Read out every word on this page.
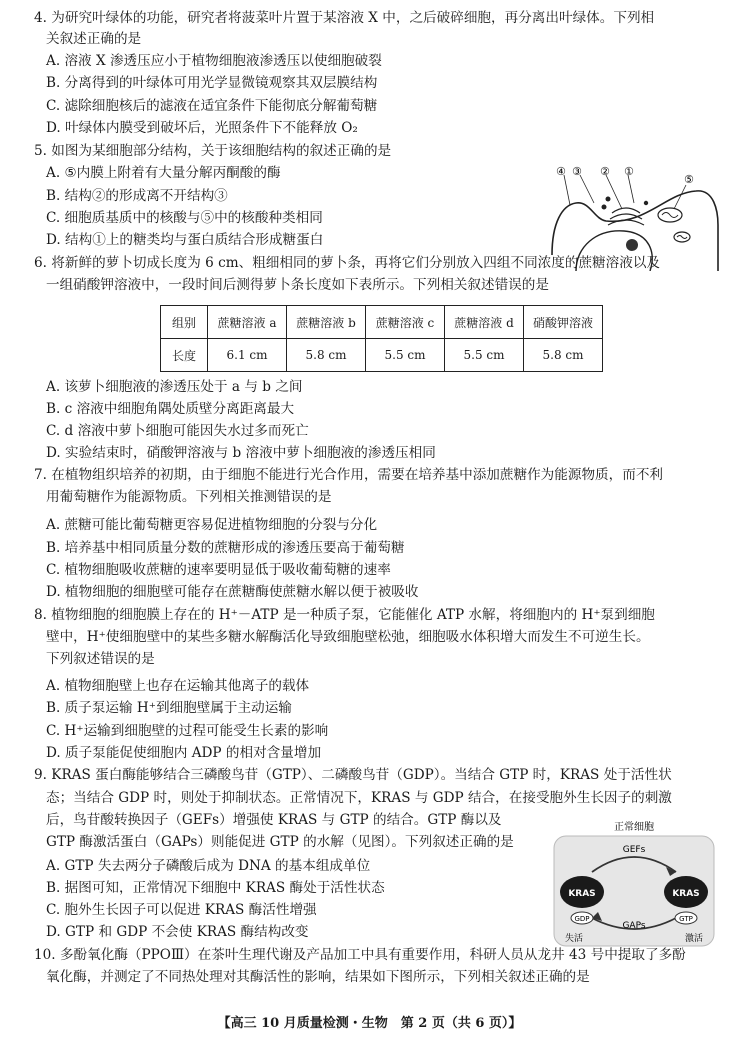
4. 为研究叶绿体的功能，研究者将菠菜叶片置于某溶液 X 中，之后破碎细胞，再分离出叶绿体。下列相
关叙述正确的是
A. 溶液 X 渗透压应小于植物细胞液渗透压以使细胞破裂
B. 分离得到的叶绿体可用光学显微镜观察其双层膜结构
C. 滤除细胞核后的滤液在适宜条件下能彻底分解葡萄糖
D. 叶绿体内膜受到破坏后，光照条件下不能释放 O₂
5. 如图为某细胞部分结构，关于该细胞结构的叙述正确的是
A. ⑤内膜上附着有大量分解丙酮酸的酶
B. 结构②的形成离不开结构③
C. 细胞质基质中的核酸与⑤中的核酸种类相同
D. 结构①上的糖类均与蛋白质结合形成糖蛋白
④ ③ ② ①
⑤
6. 将新鲜的萝卜切成长度为 6 cm、粗细相同的萝卜条，再将它们分别放入四组不同浓度的蔗糖溶液以及
一组硝酸钾溶液中，一段时间后测得萝卜条长度如下表所示。下列相关叙述错误的是
组别	蔗糖溶液 a	蔗糖溶液 b	蔗糖溶液 c	蔗糖溶液 d	硝酸钾溶液
长度	6.1 cm	5.8 cm	5.5 cm	5.5 cm	5.8 cm
A. 该萝卜细胞液的渗透压处于 a 与 b 之间
B. c 溶液中细胞角隅处质壁分离距离最大
C. d 溶液中萝卜细胞可能因失水过多而死亡
D. 实验结束时，硝酸钾溶液与 b 溶液中萝卜细胞液的渗透压相同
7. 在植物组织培养的初期，由于细胞不能进行光合作用，需要在培养基中添加蔗糖作为能源物质，而不利
用葡萄糖作为能源物质。下列相关推测错误的是
A. 蔗糖可能比葡萄糖更容易促进植物细胞的分裂与分化
B. 培养基中相同质量分数的蔗糖形成的渗透压要高于葡萄糖
C. 植物细胞吸收蔗糖的速率要明显低于吸收葡萄糖的速率
D. 植物细胞的细胞壁可能存在蔗糖酶使蔗糖水解以便于被吸收
8. 植物细胞的细胞膜上存在的 H⁺－ATP 是一种质子泵，它能催化 ATP 水解，将细胞内的 H⁺泵到细胞
壁中，H⁺使细胞壁中的某些多糖水解酶活化导致细胞壁松弛，细胞吸水体积增大而发生不可逆生长。
下列叙述错误的是
A. 植物细胞壁上也存在运输其他离子的载体
B. 质子泵运输 H⁺到细胞壁属于主动运输
C. H⁺运输到细胞壁的过程可能受生长素的影响
D. 质子泵能促使细胞内 ADP 的相对含量增加
9. KRAS 蛋白酶能够结合三磷酸鸟苷（GTP）、二磷酸鸟苷（GDP）。当结合 GTP 时，KRAS 处于活性状
态；当结合 GDP 时，则处于抑制状态。正常情况下，KRAS 与 GDP 结合，在接受胞外生长因子的刺激
后，鸟苷酸转换因子（GEFs）增强使 KRAS 与 GTP 的结合。GTP 酶以及
GTP 酶激活蛋白（GAPs）则能促进 GTP 的水解（见图）。下列叙述正确的是
A. GTP 失去两分子磷酸后成为 DNA 的基本组成单位
B. 据图可知，正常情况下细胞中 KRAS 酶处于活性状态
C. 胞外生长因子可以促进 KRAS 酶活性增强
D. GTP 和 GDP 不会使 KRAS 酶结构改变
正常细胞
GEFs
GAPs
KRAS	KRAS
GDP	GTP
失活	激活
10. 多酚氧化酶（PPOⅢ）在茶叶生理代谢及产品加工中具有重要作用，科研人员从龙井 43 号中提取了多酚
氧化酶，并测定了不同热处理对其酶活性的影响，结果如下图所示，下列相关叙述正确的是
【高三 10 月质量检测・生物　第 2 页（共 6 页）】
